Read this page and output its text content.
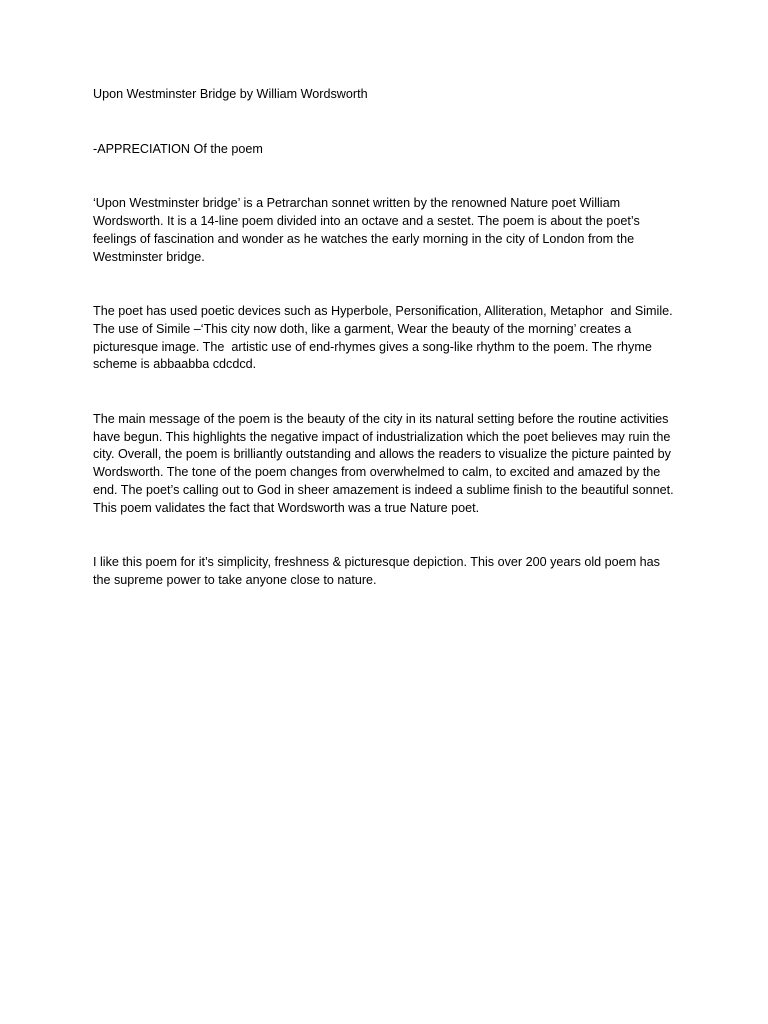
Upon Westminster Bridge by William Wordsworth

-APPRECIATION Of the poem

‘Upon Westminster bridge’ is a Petrarchan sonnet written by the renowned Nature poet William Wordsworth. It is a 14-line poem divided into an octave and a sestet. The poem is about the poet’s feelings of fascination and wonder as he watches the early morning in the city of London from the Westminster bridge.

The poet has used poetic devices such as Hyperbole, Personification, Alliteration, Metaphor  and Simile. The use of Simile –‘This city now doth, like a garment, Wear the beauty of the morning’ creates a picturesque image. The  artistic use of end-rhymes gives a song-like rhythm to the poem. The rhyme scheme is abbaabba cdcdcd.

The main message of the poem is the beauty of the city in its natural setting before the routine activities have begun. This highlights the negative impact of industrialization which the poet believes may ruin the city. Overall, the poem is brilliantly outstanding and allows the readers to visualize the picture painted by Wordsworth. The tone of the poem changes from overwhelmed to calm, to excited and amazed by the end. The poet’s calling out to God in sheer amazement is indeed a sublime finish to the beautiful sonnet. This poem validates the fact that Wordsworth was a true Nature poet.

I like this poem for it’s simplicity, freshness & picturesque depiction. This over 200 years old poem has the supreme power to take anyone close to nature.
